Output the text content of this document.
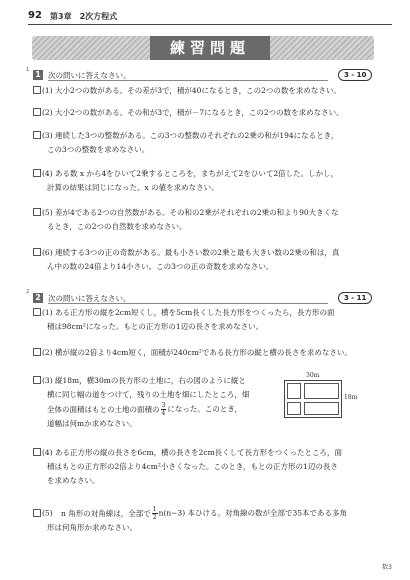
92 第3章　2次方程式
練習問題
1 1 次の問いに答えなさい。	3 - 10
(1) 大小2つの数がある。その差が3で，積が40になるとき，この2つの数を求めなさい。
(2) 大小2つの数がある。その和が3で，積が－7になるとき，この2つの数を求めなさい。
(3) 連続した3つの整数がある。この3つの整数のそれぞれの2乗の和が194になるとき，
この3つの整数を求めなさい。
(4) ある数 x から4をひいて2乗するところを，まちがえて2をひいて2倍した。しかし，
計算の結果は同じになった。x の値を求めなさい。
(5) 差が4である2つの自然数がある。その和の2乗がそれぞれの2乗の和より90大きくな
るとき，この2つの自然数を求めなさい。
(6) 連続する3つの正の奇数がある。最も小さい数の2乗と最も大きい数の2乗の和は，真
ん中の数の24倍より14小さい。この3つの正の奇数を求めなさい。
2
2 次の問いに答えなさい。	3 - 11
(1) ある正方形の縦を2cm短くし，横を5cm長くした長方形をつくったら，長方形の面
積は98cm²になった。もとの正方形の1辺の長さを求めなさい。
(2) 横が縦の2倍より4cm短く，面積が240cm²である長方形の縦と横の長さを求めなさい。
(3) 縦18m，横30mの長方形の土地に，右の図のように縦と
横に同じ幅の道をつけて，残りの土地を畑にしたところ，畑
全体の面積はもとの土地の面積の $\frac{3}{4}$ になった。このとき，
道幅は何mか求めなさい。
30m
18m
(4) ある正方形の縦の長さを6cm，横の長さを2cm長くして長方形をつくったところ，面
積はもとの正方形の2倍より4cm²小さくなった。このとき，もとの正方形の1辺の長さ
を求めなさい。
(5) n 角形の対角線は，全部で $\frac{1}{2} n(n-3)$ 本ひける。対角線の数が全部で35本である多角
形は何角形か求めなさい。
数3
